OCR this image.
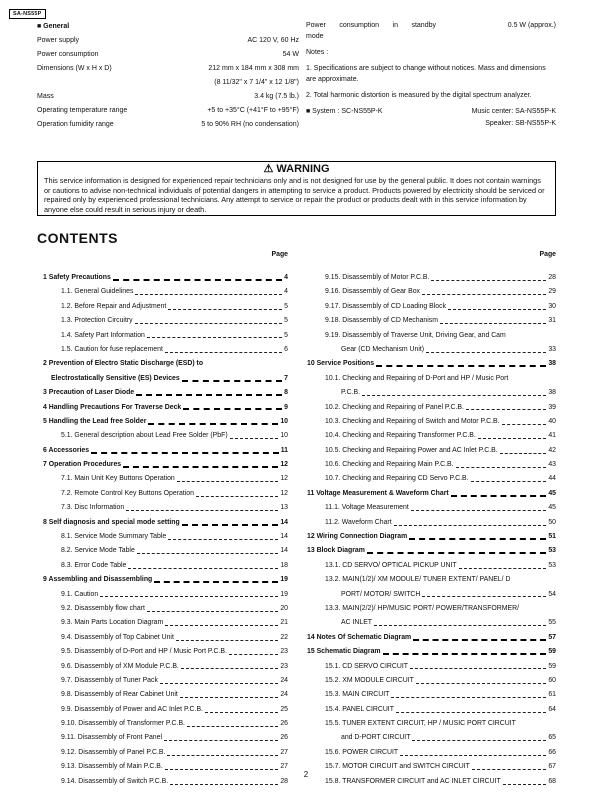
SA-NS55P
■ General
Power supply	AC 120 V, 60 Hz
Power consumption	54 W
Dimensions (W x H x D)	212 mm x 184 mm x 308 mm
(8 11/32" x 7 1/4" x 12 1/8")
Mass	3.4 kg (7.5 lb.)
Operating temperature range	+5 to +35°C (+41°F to +95°F)
Operation fumidity range	5 to 90% RH (no condensation)
Power consumption in standby	0.5 W (approx.)
mode
Notes :
1. Specifications are subject to change without notices. Mass and dimensions are approximate.
2. Total harmonic distortion is measured by the digital spectrum analyzer.
■ System : SC-NS55P-K	Music center: SA-NS55P-K
Speaker: SB-NS55P-K
⚠ WARNING
This service information is designed for experienced repair technicians only and is not designed for use by the general public. It does not contain warnings or cautions to advise non-technical individuals of potential dangers in attempting to service a product. Products powered by electricity should be serviced or repaired only by experienced professional technicians. Any attempt to service or repair the product or products dealt with in this service information by anyone else could result in serious injury or death.
CONTENTS
Page
1 Safety Precautions	4
1.1. General Guidelines	4
1.2. Before Repair and Adjustment	5
1.3. Protection Circuitry	5
1.4. Safety Part Information	5
1.5. Caution for fuse replacement	6
2 Prevention of Electro Static Discharge (ESD) to
Electrostatically Sensitive (ES) Devices	7
3 Precaution of Laser Diode	8
4 Handling Precautions For Traverse Deck	9
5 Handling the Lead free Solder	10
5.1. General description about Lead Free Solder (PbF)	10
6 Accessories	11
7 Operation Procedures	12
7.1. Main Unit Key Buttons Operation	12
7.2. Remote Control Key Buttons Operation	12
7.3. Disc Information	13
8 Self diagnosis and special mode setting	14
8.1. Service Mode Summary Table	14
8.2. Service Mode Table	14
8.3. Error Code Table	18
9 Assembling and Disassembling	19
9.1. Caution	19
9.2. Disassembly flow chart	20
9.3. Main Parts Location Diagram	21
9.4. Disassembly of Top Cabinet Unit	22
9.5. Disassembly of D-Port and HP / Music Port P.C.B.	23
9.6. Disassembly of XM Module P.C.B.	23
9.7. Disassembly of Tuner Pack	24
9.8. Disassembly of Rear Cabinet Unit	24
9.9. Disassembly of Power and AC Inlet P.C.B.	25
9.10. Disassembly of Transformer P.C.B.	26
9.11. Disassembly of Front Panel	26
9.12. Disassembly of Panel P.C.B.	27
9.13. Disassembly of Main P.C.B.	27
9.14. Disassembly of Switch P.C.B.	28
Page
9.15. Disassembly of Motor P.C.B.	28
9.16. Disassembly of Gear Box	29
9.17. Disassembly of CD Loading Block	30
9.18. Disassembly of CD Mechanism	31
9.19. Disassembly of Traverse Unit, Driving Gear, and Cam
Gear (CD Mechanism Unit)	33
10 Service Positions	38
10.1. Checking and Repairing of D-Port and HP / Music Port
P.C.B.	38
10.2. Checking and Repairing of Panel P.C.B.	39
10.3. Checking and Repairing of Switch and Motor P.C.B.	40
10.4. Checking and Repairing Transformer P.C.B.	41
10.5. Checking and Repairing Power and AC Inlet P.C.B.	42
10.6. Checking and Repairing Main P.C.B.	43
10.7. Checking and Repairing CD Servo P.C.B.	44
11 Voltage Measurement & Waveform Chart	45
11.1. Voltage Measurement	45
11.2. Waveform Chart	50
12 Wiring Connection Diagram	51
13 Block Diagram	53
13.1. CD SERVO/ OPTICAL PICKUP UNIT	53
13.2. MAIN(1/2)/ XM MODULE/ TUNER EXTENT/ PANEL/ D
PORT/ MOTOR/ SWITCH	54
13.3. MAIN(2/2)/ HP/MUSIC PORT/ POWER/TRANSFORMER/
AC INLET	55
14 Notes Of Schematic Diagram	57
15 Schematic Diagram	59
15.1. CD SERVO CIRCUIT	59
15.2. XM MODULE CIRCUIT	60
15.3. MAIN CIRCUIT	61
15.4. PANEL CIRCUIT	64
15.5. TUNER EXTENT CIRCUIT, HP / MUSIC PORT CIRCUIT
and D-PORT CIRCUIT	65
15.6. POWER CIRCUIT	66
15.7. MOTOR CIRCUIT and SWITCH CIRCUIT	67
15.8. TRANSFORMER CIRCUIT and AC INLET CIRCUIT	68
2
